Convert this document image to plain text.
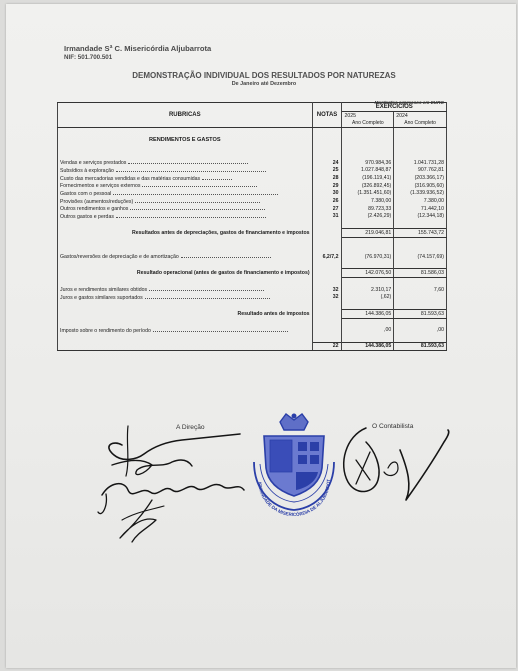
Irmandade Sª C. Misericórdia Aljubarrota
NIF: 501.700.501
DEMONSTRAÇÃO INDIVIDUAL DOS RESULTADOS POR NATUREZAS
De Janeiro até Dezembro
Montantes expressos em EURO
RUBRICAS	NOTAS	EXERCÍCIOS	
		2025	2024
		Ano Completo	Ano Completo

RENDIMENTOS E GASTOS			

Vendas e serviços prestados	24	970.984,36	1.041.731,28
Subsídios à exploração	25	1.027.848,87	907.762,81
Custo das mercadorias vendidas e das matérias consumidas	28	(196.119,41)	(203.366,17)
Fornecimentos e serviços externos	29	(326.892,45)	(316.905,60)
Gastos com o pessoal	30	(1.351.451,60)	(1.339.936,52)
Provisões (aumentos/reduções)	26	7.380,00	7.380,00
Outros rendimentos e ganhos	27	89.723,33	71.442,10
Outros gastos e perdas	31	(2.426,29)	(12.344,18)

Resultados antes de depreciações, gastos de financiamento e impostos		219.046,81	155.743,72

Gastos/reversões de depreciação e de amortização	6,2/7,2	(76.970,31)	(74.157,69)

Resultado operacional (antes de gastos de financiamento e impostos)		142.076,50	81.586,03

Juros e rendimentos similares obtidos	32	2.310,17	7,60
Juros e gastos similares suportados	32	(,62)	

Resultado antes de impostos		144.386,05	81.593,63

Imposto sobre o rendimento do período		,00	,00

	22	144.386,05	81.593,63
A Direção	O Contabilista
IRMANDADE DA MISERICÓRDIA DE ALJUBARROT
